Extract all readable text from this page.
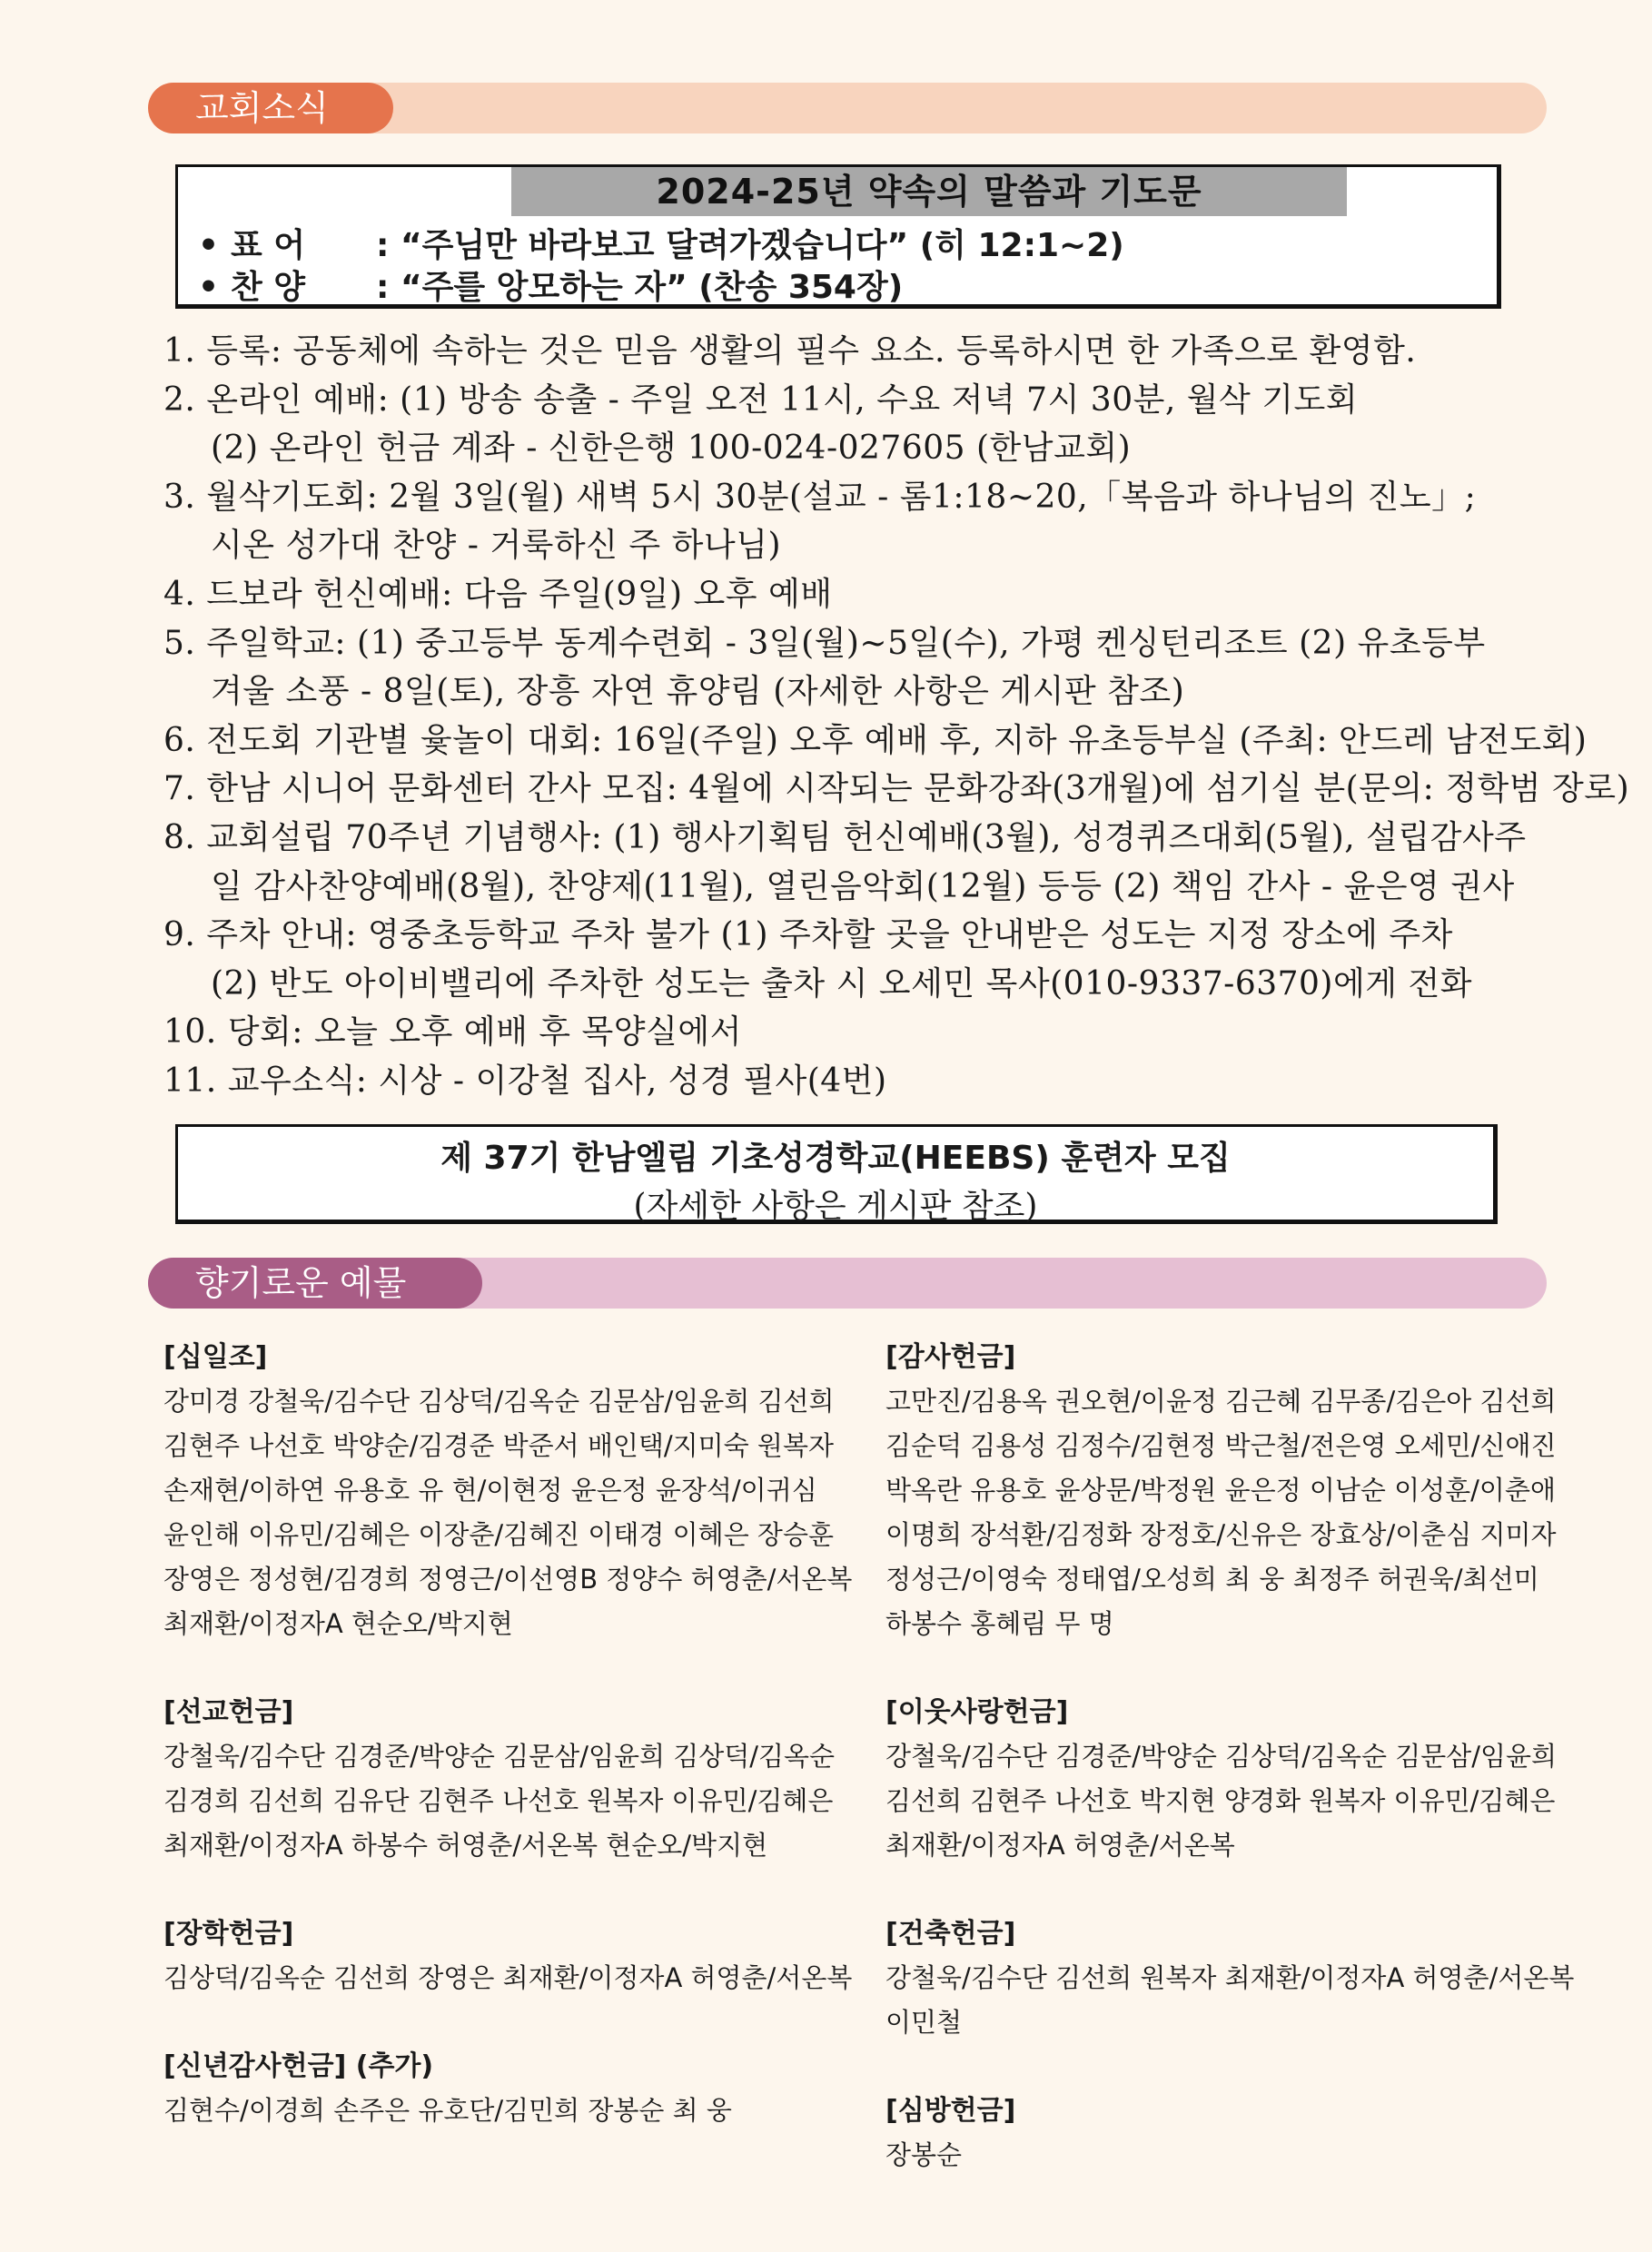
교회소식
2024-25년 약속의 말씀과 기도문
• 표 어 : “주님만 바라보고 달려가겠습니다” (히 12:1~2)
• 찬 양 : “주를 앙모하는 자” (찬송 354장)
1. 등록: 공동체에 속하는 것은 믿음 생활의 필수 요소. 등록하시면 한 가족으로 환영함.
2. 온라인 예배: (1) 방송 송출 - 주일 오전 11시, 수요 저녁 7시 30분, 월삭 기도회
(2) 온라인 헌금 계좌 - 신한은행 100-024-027605 (한남교회)
3. 월삭기도회: 2월 3일(월) 새벽 5시 30분(설교 - 롬1:18~20,「복음과 하나님의 진노」;
시온 성가대 찬양 - 거룩하신 주 하나님)
4. 드보라 헌신예배: 다음 주일(9일) 오후 예배
5. 주일학교: (1) 중고등부 동계수련회 - 3일(월)~5일(수), 가평 켄싱턴리조트 (2) 유초등부
겨울 소풍 - 8일(토), 장흥 자연 휴양림 (자세한 사항은 게시판 참조)
6. 전도회 기관별 윷놀이 대회: 16일(주일) 오후 예배 후, 지하 유초등부실 (주최: 안드레 남전도회)
7. 한남 시니어 문화센터 간사 모집: 4월에 시작되는 문화강좌(3개월)에 섬기실 분(문의: 정학범 장로)
8. 교회설립 70주년 기념행사: (1) 행사기획팀 헌신예배(3월), 성경퀴즈대회(5월), 설립감사주
일 감사찬양예배(8월), 찬양제(11월), 열린음악회(12월) 등등 (2) 책임 간사 - 윤은영 권사
9. 주차 안내: 영중초등학교 주차 불가 (1) 주차할 곳을 안내받은 성도는 지정 장소에 주차
(2) 반도 아이비밸리에 주차한 성도는 출차 시 오세민 목사(010-9337-6370)에게 전화
10. 당회: 오늘 오후 예배 후 목양실에서
11. 교우소식: 시상 - 이강철 집사, 성경 필사(4번)
제 37기 한남엘림 기초성경학교(HEEBS) 훈련자 모집
(자세한 사항은 게시판 참조)
향기로운 예물
[십일조]
강미경 강철욱/김수단 김상덕/김옥순 김문삼/임윤희 김선희
김현주 나선호 박양순/김경준 박준서 배인택/지미숙 원복자
손재현/이하연 유용호 유 현/이현정 윤은정 윤장석/이귀심
윤인해 이유민/김혜은 이장춘/김혜진 이태경 이혜은 장승훈
장영은 정성현/김경희 정영근/이선영B 정양수 허영춘/서온복
최재환/이정자A 현순오/박지현
[선교헌금]
강철욱/김수단 김경준/박양순 김문삼/임윤희 김상덕/김옥순
김경희 김선희 김유단 김현주 나선호 원복자 이유민/김혜은
최재환/이정자A 하봉수 허영춘/서온복 현순오/박지현
[장학헌금]
김상덕/김옥순 김선희 장영은 최재환/이정자A 허영춘/서온복
[신년감사헌금] (추가)
김현수/이경희 손주은 유호단/김민희 장봉순 최 웅
[감사헌금]
고만진/김용옥 권오현/이윤정 김근혜 김무종/김은아 김선희
김순덕 김용성 김정수/김현정 박근철/전은영 오세민/신애진
박옥란 유용호 윤상문/박정원 윤은정 이남순 이성훈/이춘애
이명희 장석환/김정화 장정호/신유은 장효상/이춘심 지미자
정성근/이영숙 정태엽/오성희 최 웅 최정주 허권욱/최선미
하봉수 홍혜림 무 명
[이웃사랑헌금]
강철욱/김수단 김경준/박양순 김상덕/김옥순 김문삼/임윤희
김선희 김현주 나선호 박지현 양경화 원복자 이유민/김혜은
최재환/이정자A 허영춘/서온복
[건축헌금]
강철욱/김수단 김선희 원복자 최재환/이정자A 허영춘/서온복
이민철
[심방헌금]
장봉순
